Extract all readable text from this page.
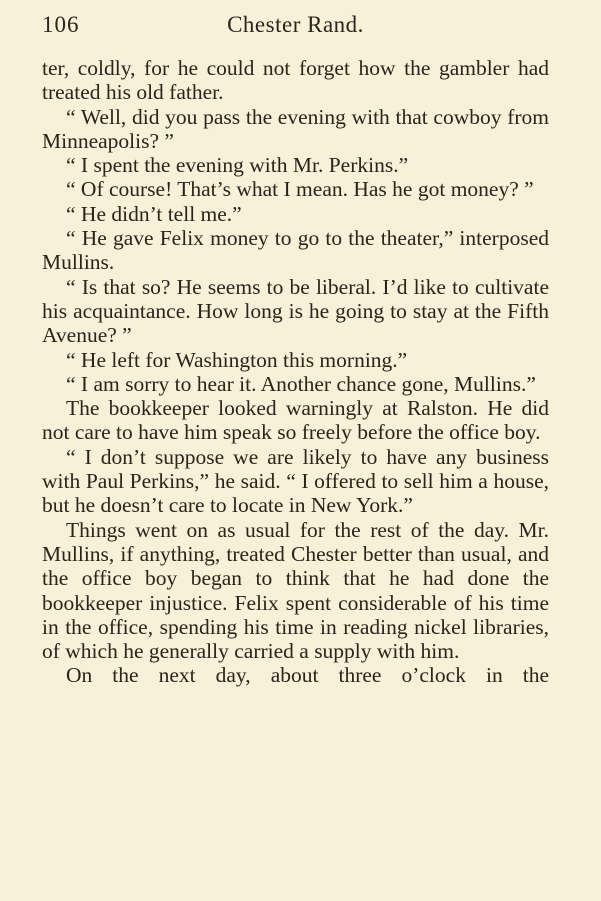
106	Chester Rand.

ter, coldly, for he could not forget how the gambler had treated his old father.

“ Well, did you pass the evening with that cowboy from Minneapolis? ”

“ I spent the evening with Mr. Perkins.”

“ Of course! That’s what I mean. Has he got money? ”

“ He didn’t tell me.”

“ He gave Felix money to go to the theater,” interposed Mullins.

“ Is that so? He seems to be liberal. I’d like to cultivate his acquaintance. How long is he going to stay at the Fifth Avenue? ”

“ He left for Washington this morning.”

“ I am sorry to hear it. Another chance gone, Mullins.”

The bookkeeper looked warningly at Ralston. He did not care to have him speak so freely before the office boy.

“ I don’t suppose we are likely to have any business with Paul Perkins,” he said. “ I offered to sell him a house, but he doesn’t care to locate in New York.”

Things went on as usual for the rest of the day. Mr. Mullins, if anything, treated Chester better than usual, and the office boy began to think that he had done the bookkeeper injustice. Felix spent considerable of his time in the office, spending his time in reading nickel libraries, of which he generally carried a supply with him.

On the next day, about three o’clock in the
